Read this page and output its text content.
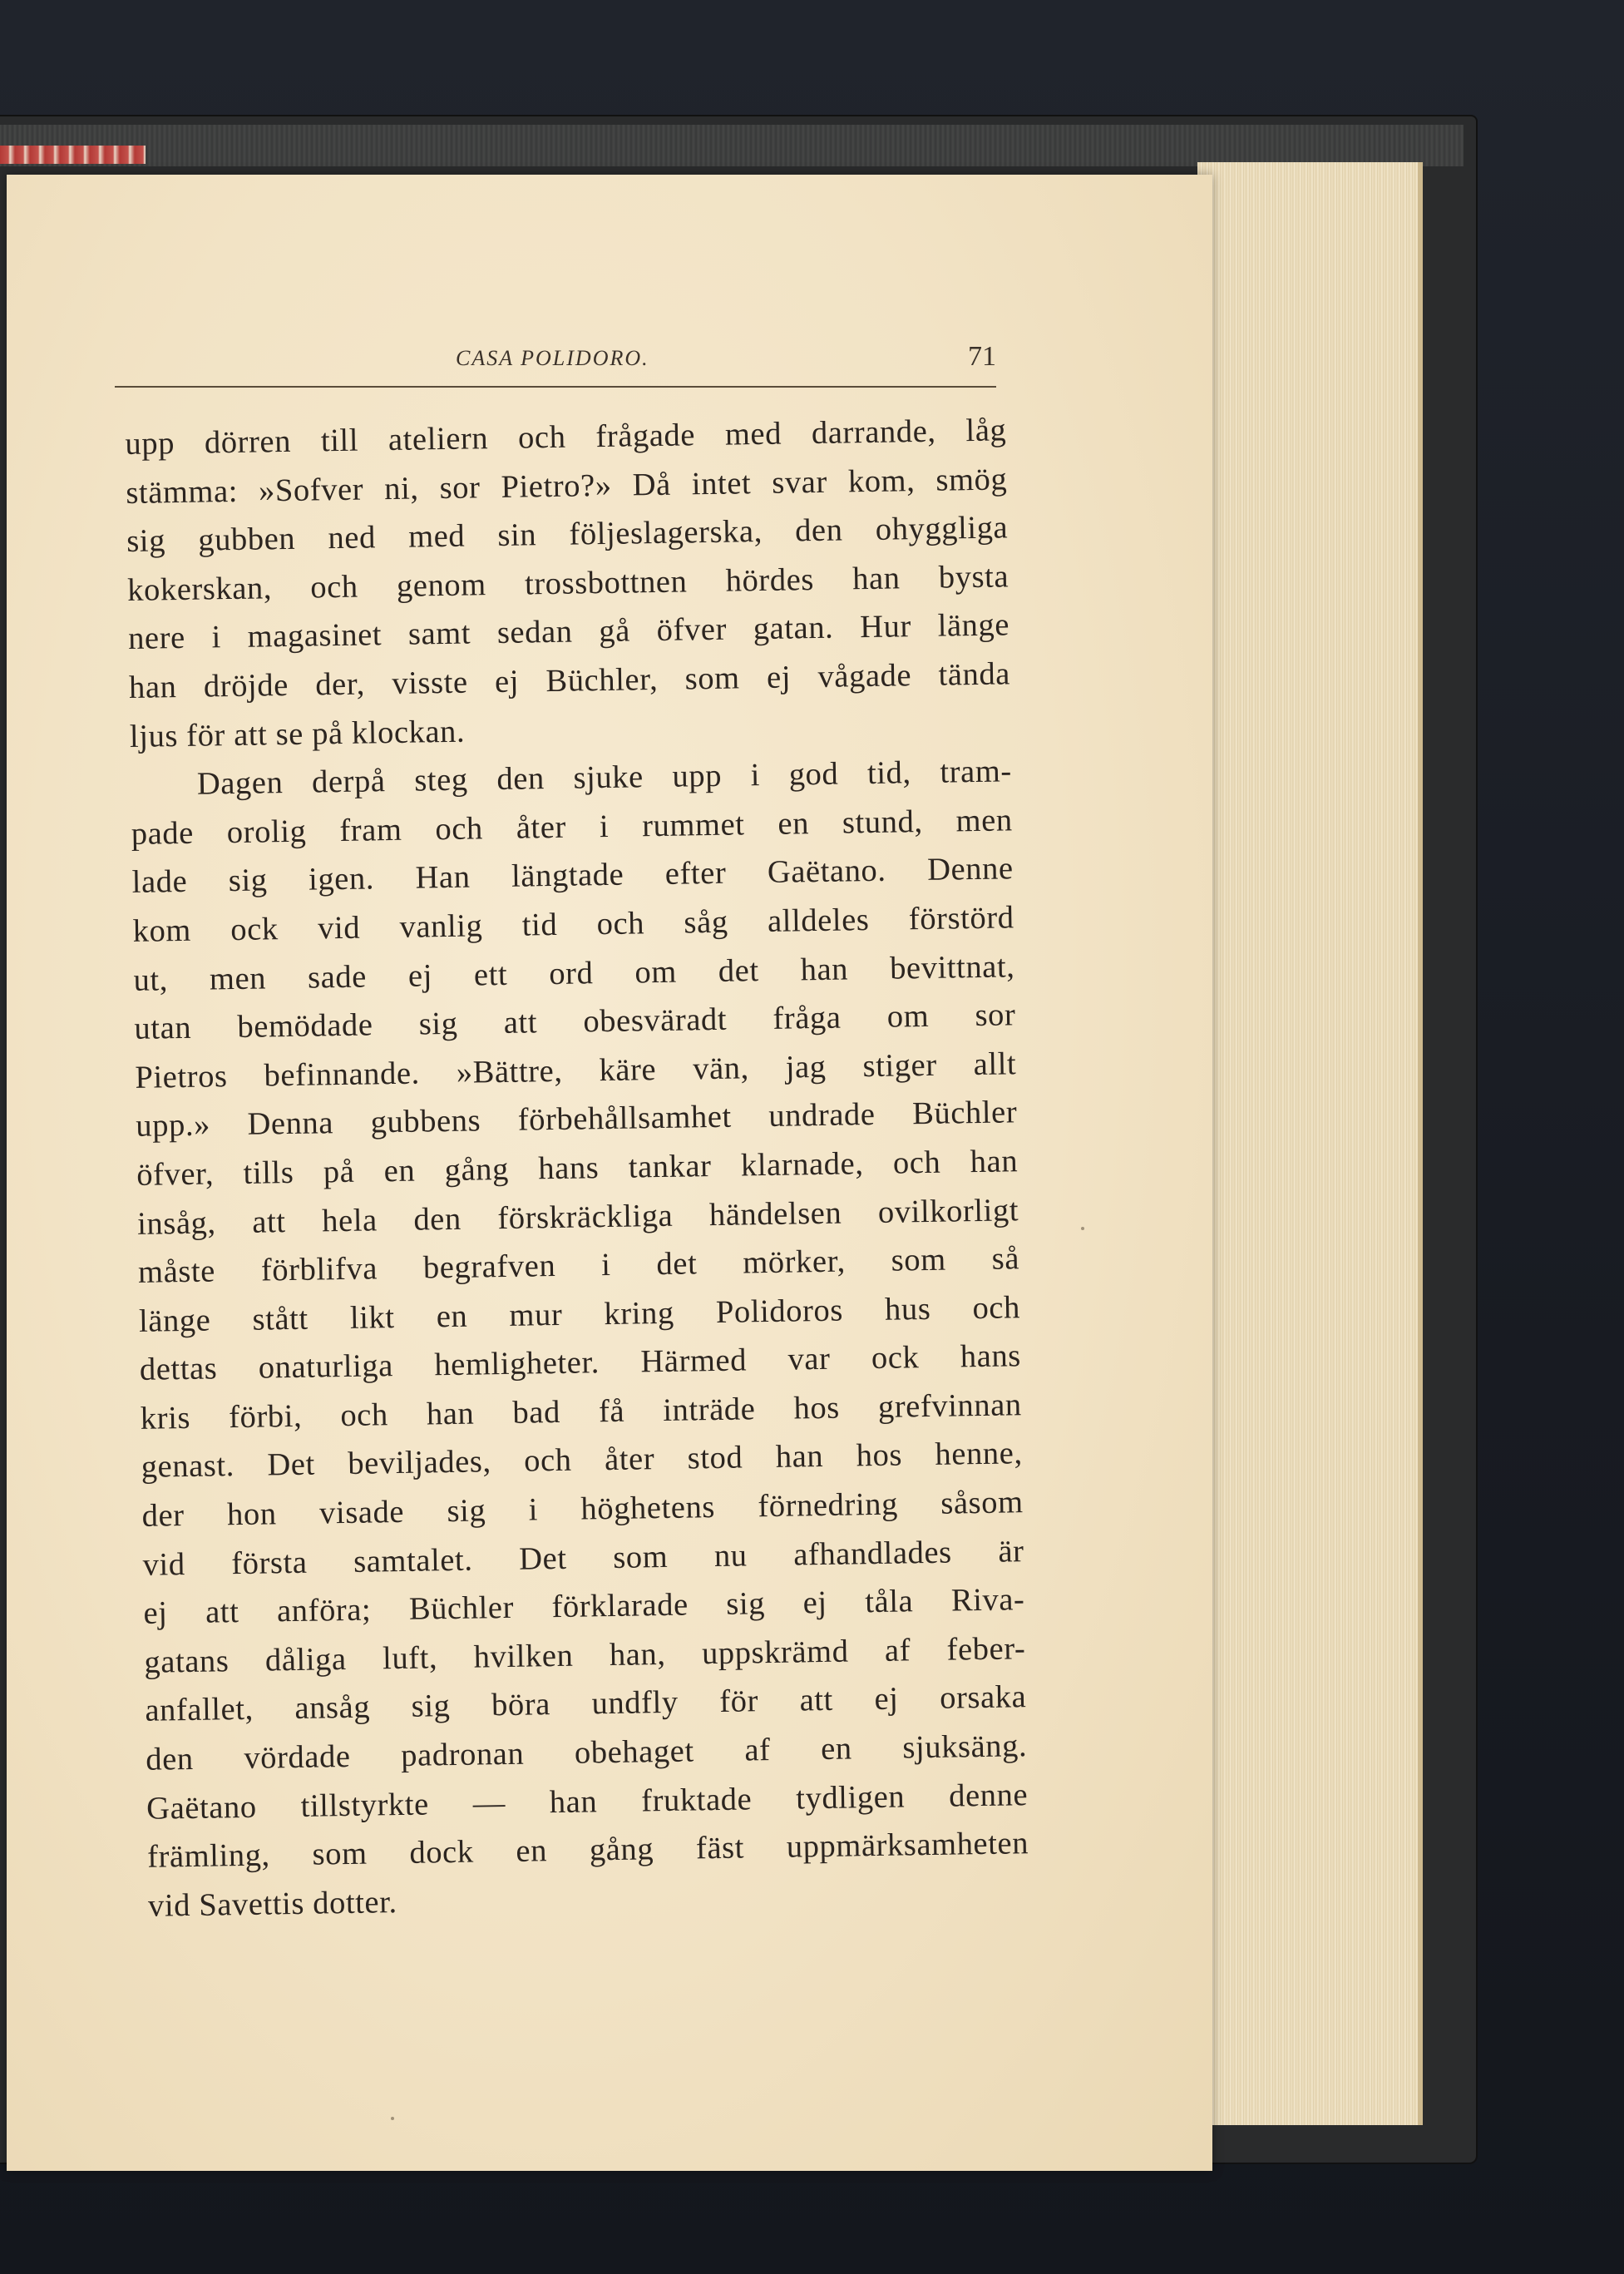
CASA POLIDORO.	71
upp dörren till ateliern och frågade med darrande, låg
stämma: »Sofver ni, sor Pietro?» Då intet svar kom, smög
sig gubben ned med sin följeslagerska, den ohyggliga
kokerskan, och genom trossbottnen hördes han bysta
nere i magasinet samt sedan gå öfver gatan. Hur länge
han dröjde der, visste ej Büchler, som ej vågade tända
ljus för att se på klockan.
Dagen derpå steg den sjuke upp i god tid, tram-
pade orolig fram och åter i rummet en stund, men
lade sig igen. Han längtade efter Gaëtano. Denne
kom ock vid vanlig tid och såg alldeles förstörd
ut, men sade ej ett ord om det han bevittnat,
utan bemödade sig att obesväradt fråga om sor
Pietros befinnande. »Bättre, käre vän, jag stiger allt
upp.» Denna gubbens förbehållsamhet undrade Büchler
öfver, tills på en gång hans tankar klarnade, och han
insåg, att hela den förskräckliga händelsen ovilkorligt
måste förblifva begrafven i det mörker, som så
länge stått likt en mur kring Polidoros hus och
dettas onaturliga hemligheter. Härmed var ock hans
kris förbi, och han bad få inträde hos grefvinnan
genast. Det beviljades, och åter stod han hos henne,
der hon visade sig i höghetens förnedring såsom
vid första samtalet. Det som nu afhandlades är
ej att anföra; Büchler förklarade sig ej tåla Riva-
gatans dåliga luft, hvilken han, uppskrämd af feber-
anfallet, ansåg sig böra undfly för att ej orsaka
den vördade padronan obehaget af en sjuksäng.
Gaëtano tillstyrkte — han fruktade tydligen denne
främling, som dock en gång fäst uppmärksamheten
vid Savettis dotter.
